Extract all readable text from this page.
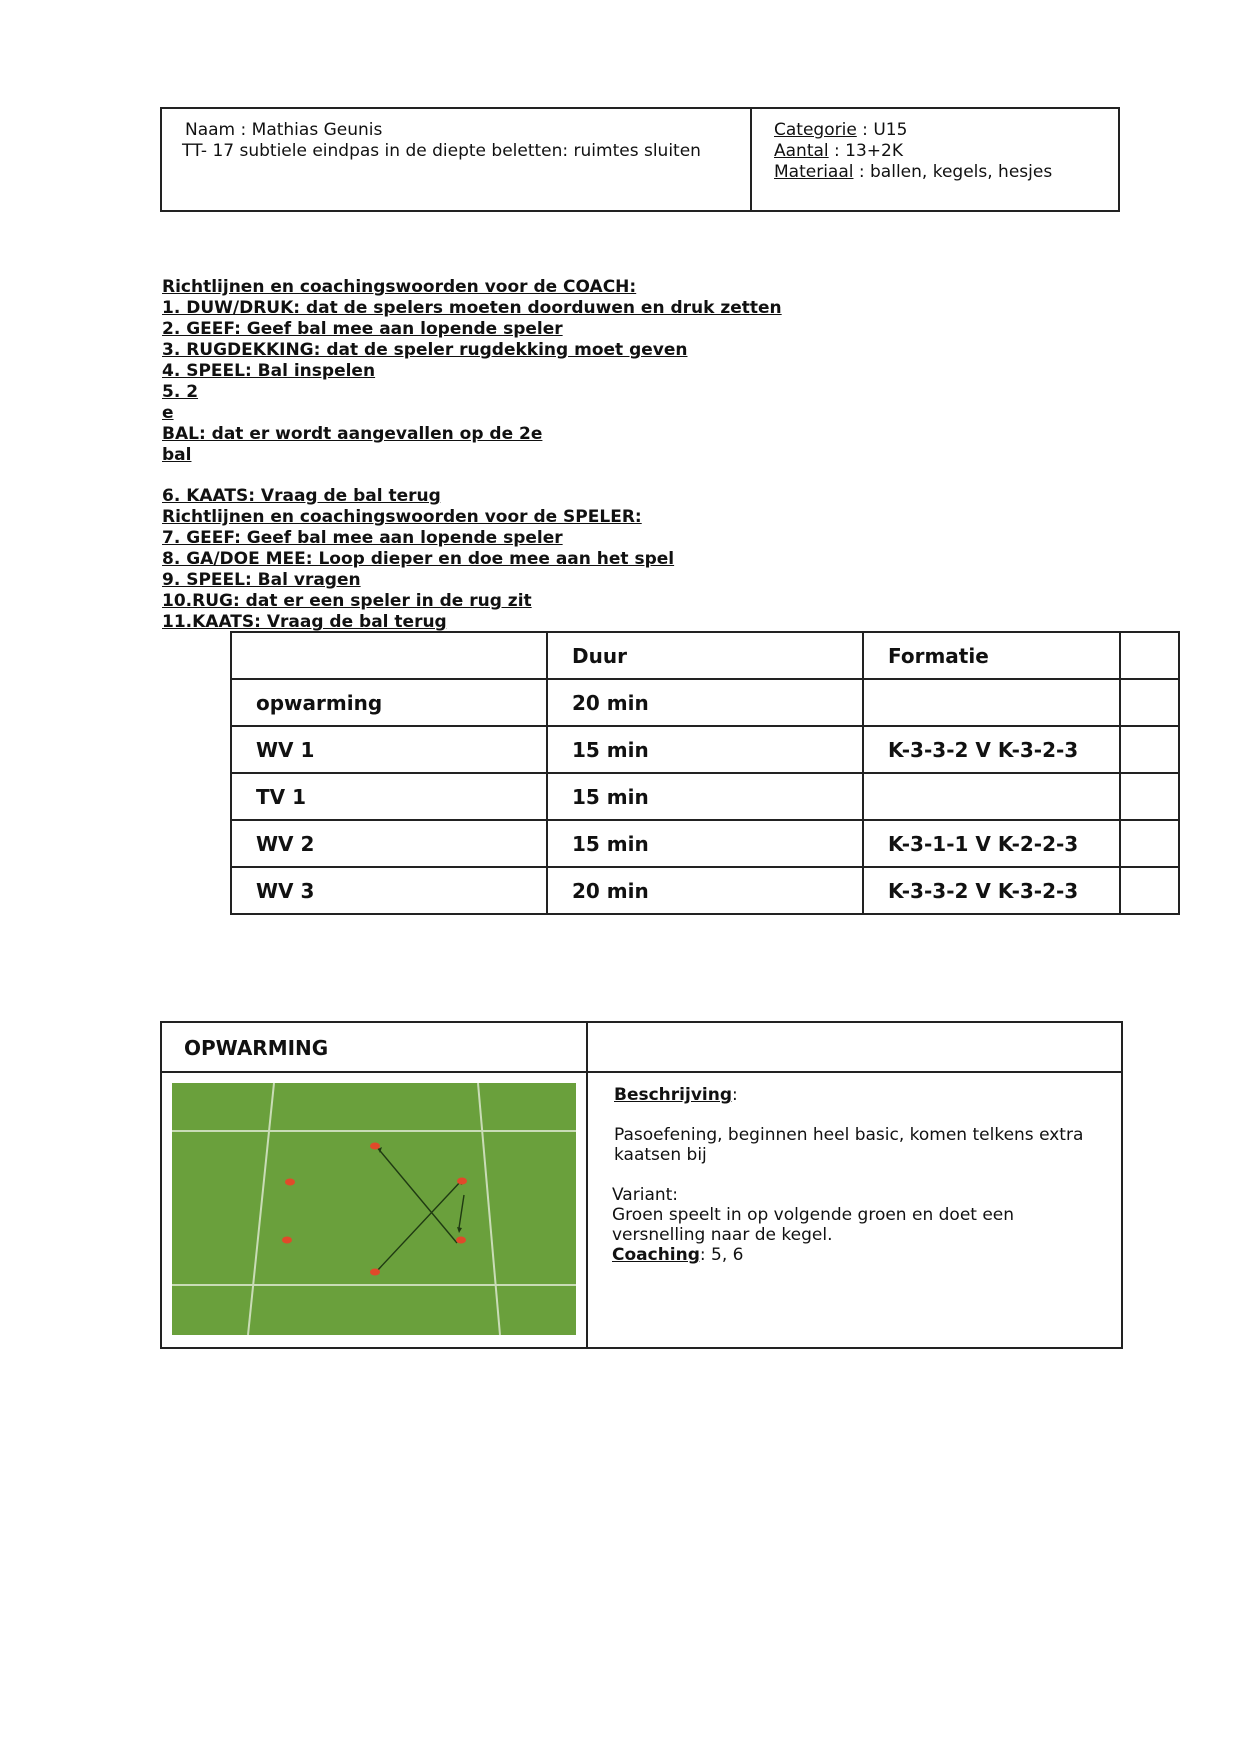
Naam : Mathias Geunis
TT- 17 subtiele eindpas in de diepte beletten: ruimtes sluiten
Categorie : U15
Aantal : 13+2K
Materiaal : ballen, kegels, hesjes
Richtlijnen en coachingswoorden voor de COACH:
1. DUW/DRUK: dat de spelers moeten doorduwen en druk zetten
2. GEEF: Geef bal mee aan lopende speler
3. RUGDEKKING: dat de speler rugdekking moet geven
4. SPEEL: Bal inspelen
5. 2
e
BAL: dat er wordt aangevallen op de 2e
bal
6. KAATS: Vraag de bal terug
Richtlijnen en coachingswoorden voor de SPELER:
7. GEEF: Geef bal mee aan lopende speler
8. GA/DOE MEE: Loop dieper en doe mee aan het spel
9. SPEEL: Bal vragen
10.RUG: dat er een speler in de rug zit
11.KAATS: Vraag de bal terug
	Duur	Formatie	
opwarming	20 min		
WV 1	15 min	K-3-3-2 V K-3-2-3	
TV 1	15 min		
WV 2	15 min	K-3-1-1 V K-2-2-3	
WV 3	20 min	K-3-3-2 V K-3-2-3	
OPWARMING

Beschrijving:

Pasoefening, beginnen heel basic, komen telkens extra kaatsen bij

Variant:

Groen speelt in op volgende groen en doet een versnelling naar de kegel.

Coaching: 5, 6
